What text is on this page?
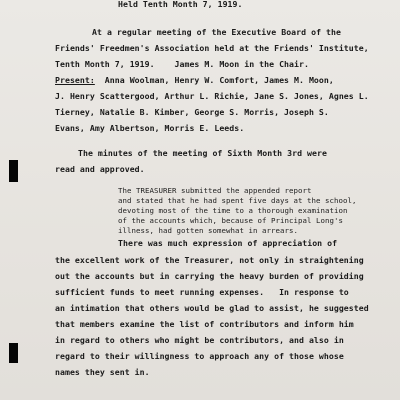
Held Tenth Month 7, 1919.
At a regular meeting of the Executive Board of the
Friends' Freedmen's Association held at the Friends' Institute,
Tenth Month 7, 1919.    James M. Moon in the Chair.
Present:  Anna Woolman, Henry W. Comfort, James M. Moon,
J. Henry Scattergood, Arthur L. Richie, Jane S. Jones, Agnes L.
Tierney, Natalie B. Kimber, George S. Morris, Joseph S.
Evans, Amy Albertson, Morris E. Leeds.
The minutes of the meeting of Sixth Month 3rd were
read and approved.
The TREASURER submitted the appended report
and stated that he had spent five days at the school,
devoting most of the time to a thorough examination
of the accounts which, because of Principal Long's
illness, had gotten somewhat in arrears.
There was much expression of appreciation of
the excellent work of the Treasurer, not only in straightening
out the accounts but in carrying the heavy burden of providing
sufficient funds to meet running expenses.   In response to
an intimation that others would be glad to assist, he suggested
that members examine the list of contributors and inform him
in regard to others who might be contributors, and also in
regard to their willingness to approach any of those whose
names they sent in.
